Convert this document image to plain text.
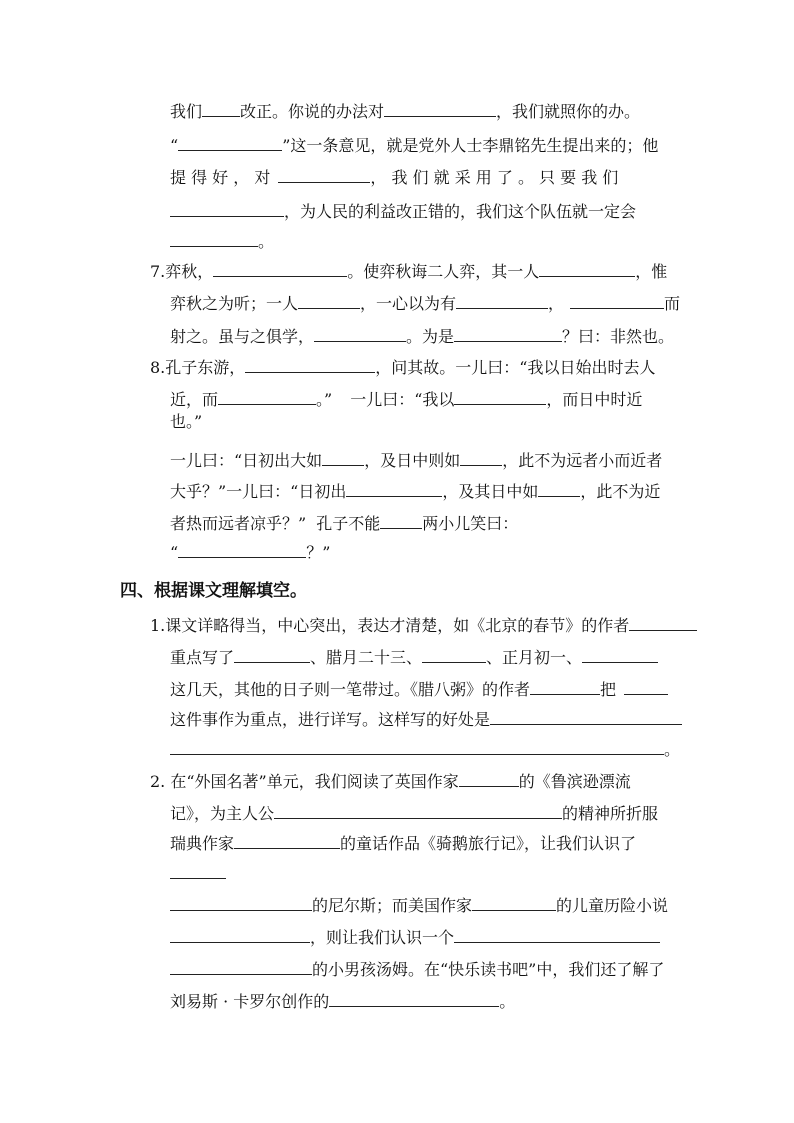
我们 改正。你说的办法对	，我们就照你的办。
“	”这一条意见，就是党外人士李鼎铭先生提出来的；他
提 得 好 ， 对	， 我 们 就 采 用 了 。 只 要 我 们
，为人民的利益改正错的，我们这个队伍就一定会
。
7.弈秋，	。使弈秋诲二人弈，其一人	，惟
弈秋之为听；一人	，一心以为有	，	而
射之。虽与之俱学，	。为是	？曰：非然也。
8.孔子东游，	，问其故。一儿曰：“我以日始出时去人
近，而	。” 一儿曰：“我以	，而日中时近
也。”
一儿曰：“日初出大如	，及日中则如	，此不为远者小而近者
大乎？”一儿曰：“日初出	，及其日中如	，此不为近
者热而远者凉乎？” 孔子不能	两小儿笑曰：
“	？”
四、根据课文理解填空。
1.课文详略得当，中心突出，表达才清楚，如《北京的春节》的作者
重点写了	、腊月二十三、	、正月初一、
这几天，其他的日子则一笔带过。《腊八粥》的作者	把
这件事作为重点，进行详写。这样写的好处是
。
2. 在“外国名著”单元，我们阅读了英国作家	的《鲁滨逊漂流
记》，为主人公	的精神所折服
瑞典作家	的童话作品《骑鹅旅行记》，让我们认识了
的尼尔斯；而美国作家	的儿童历险小说
，则让我们认识一个
的小男孩汤姆。在“快乐读书吧”中，我们还了解了
刘易斯 · 卡罗尔创作的	。
